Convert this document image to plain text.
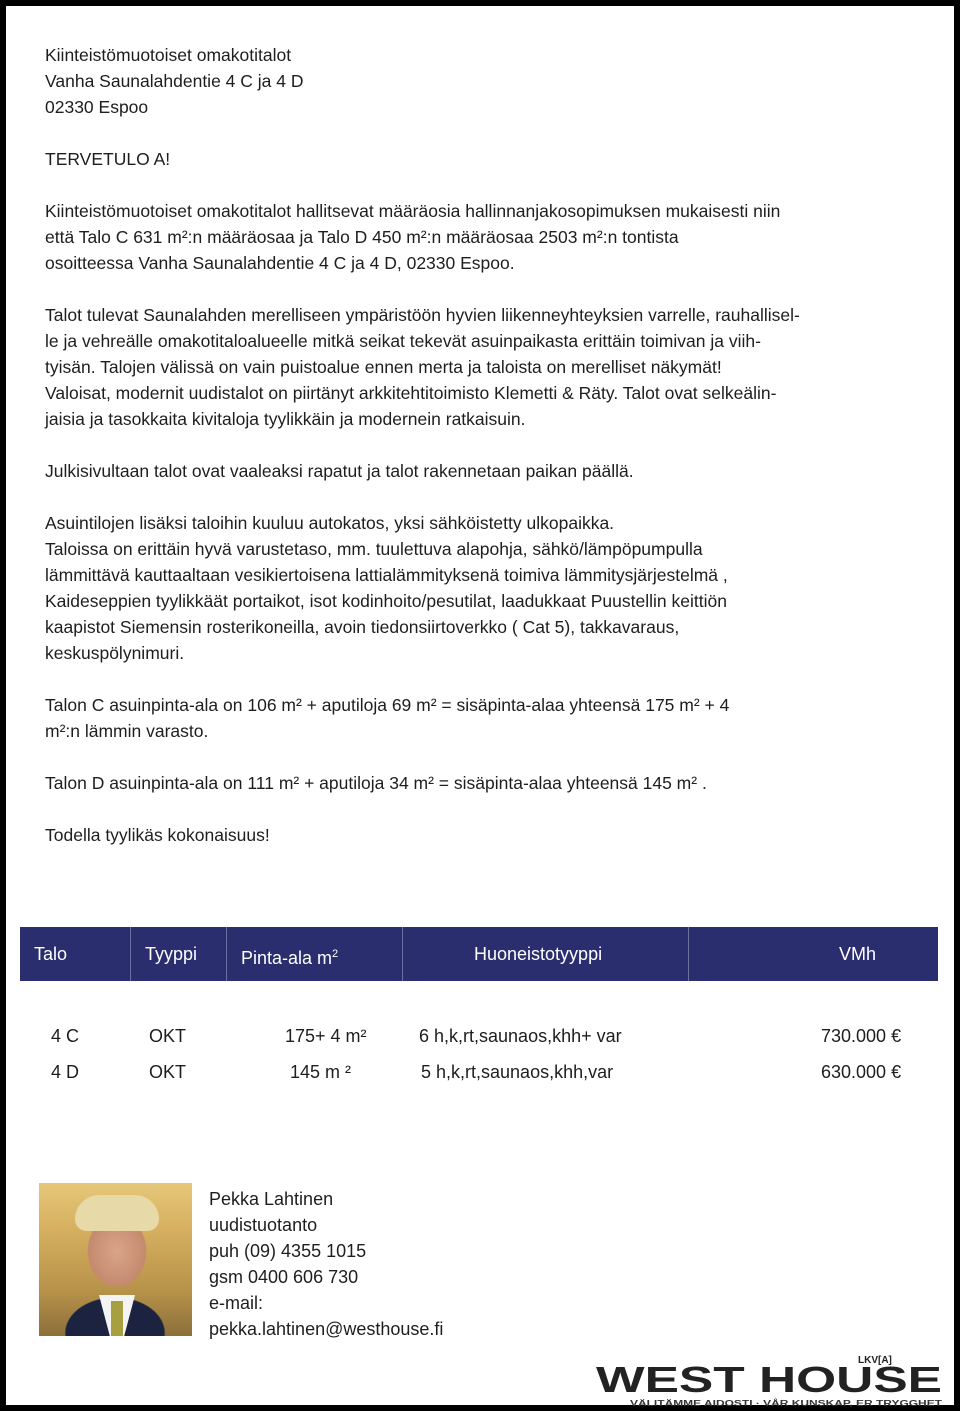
Kiinteistömuotoiset omakotitalot

Vanha Saunalahdentie 4 C ja 4 D

02330 Espoo

TERVETULO A!

Kiinteistömuotoiset omakotitalot hallitsevat määräosia hallinnanjakosopimuksen mukaisesti niin

että Talo C 631 m²:n määräosaa ja Talo D 450 m²:n määräosaa 2503 m²:n tontista

osoitteessa Vanha Saunalahdentie 4 C ja 4 D, 02330 Espoo.

Talot tulevat Saunalahden merelliseen ympäristöön hyvien liikenneyhteyksien varrelle, rauhallisel-

le ja vehreälle omakotitaloalueelle mitkä seikat tekevät asuinpaikasta erittäin toimivan ja viih-

tyisän. Talojen välissä on vain puistoalue ennen merta ja taloista on merelliset näkymät!

Valoisat, modernit uudistalot on piirtänyt arkkitehtitoimisto Klemetti & Räty. Talot ovat selkeälin-

jaisia ja tasokkaita kivitaloja tyylikkäin ja modernein ratkaisuin.

Julkisivultaan talot ovat vaaleaksi rapatut ja talot rakennetaan paikan päällä.

Asuintilojen lisäksi taloihin kuuluu autokatos, yksi sähköistetty ulkopaikka.

Taloissa on erittäin hyvä varustetaso, mm. tuulettuva alapohja, sähkö/lämpöpumpulla

lämmittävä kauttaaltaan vesikiertoisena lattialämmityksenä toimiva lämmitysjärjestelmä ,

Kaideseppien tyylikkäät portaikot, isot kodinhoito/pesutilat, laadukkaat Puustellin keittiön

kaapistot Siemensin rosterikoneilla, avoin tiedonsiirtoverkko ( Cat 5), takkavaraus,

keskuspölynimuri.

Talon C asuinpinta-ala on 106 m² + aputiloja 69 m² = sisäpinta-alaa yhteensä 175 m² + 4

m²:n lämmin varasto.

Talon D asuinpinta-ala on 111 m² + aputiloja 34 m² = sisäpinta-alaa yhteensä 145 m² .

Todella tyylikäs kokonaisuus!

Talo	Tyyppi	Pinta-ala $m^2$	Huoneistotyyppi	VMh
4 C	OKT	175+ 4 m²	6 h,k,rt,saunaos,khh+ var	730.000 €
4 D	OKT	145 m ²	5 h,k,rt,saunaos,khh,var	630.000 €

Pekka Lahtinen

uudistuotanto

puh (09) 4355 1015

gsm 0400 606 730

e-mail:

pekka.lahtinen@westhouse.fi

LKV[A]
WEST HOUSE
VÄLITÄMME AIDOSTI · VÅR KUNSKAP, ER TRYGGHET
